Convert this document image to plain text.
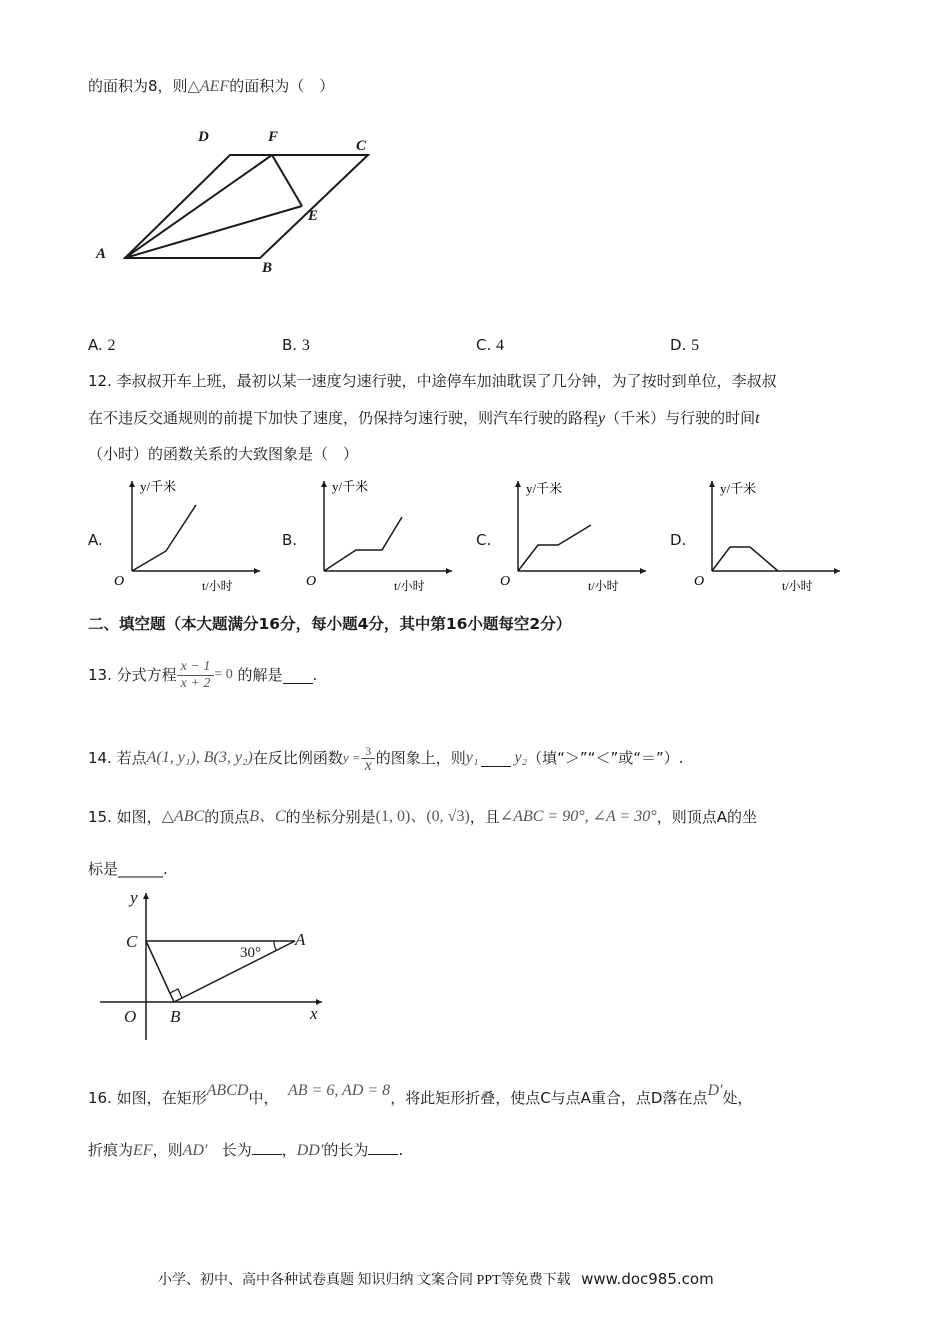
的面积为8，则△AEF的面积为（　）
D	F
C
A
B
E
A. 2	B. 3	C. 4	D. 5
12. 李叔叔开车上班，最初以某一速度匀速行驶，中途停车加油耽误了几分钟，为了按时到单位，李叔叔
在不违反交通规则的前提下加快了速度，仍保持匀速行驶，则汽车行驶的路程y（千米）与行驶的时间t
（小时）的函数关系的大致图象是（　）
A.
y/千米
t/小时
O
B.
y/千米
t/小时
O
C.
y/千米
t/小时
O
D.
y/千米
t/小时
O
二、填空题（本大题满分16分，每小题4分，其中第16小题每空2分）
13.
分式方程 $\frac{x - 1}{x + 2} = 0$
的解是 .
14.
若点 A(1, y₁), B(3, y₂) 在反比例函数 $y = \frac{3}{x}$ 的图象上，则 y₁ y₂ （填“＞”“＜”或“＝”）.
15.
如图， △ABC 的顶点 B、C 的坐标分别是 (1, 0)、(0, √3) ，且 ∠ABC = 90°, ∠A = 30° ，则顶点A的坐
标是______.
y
x
C	A
O B
30°
16.
如图，在矩形 ABCD 中，
AB = 6, AD = 8 ，将此矩形折叠，使点C与点A重合，点D落在点 D′ 处，
折痕为EF，则AD′ 长为 ，DD′的长为 .
小学、初中、高中各种试卷真题 知识归纳 文案合同 PPT等免费下载 www.doc985.com
